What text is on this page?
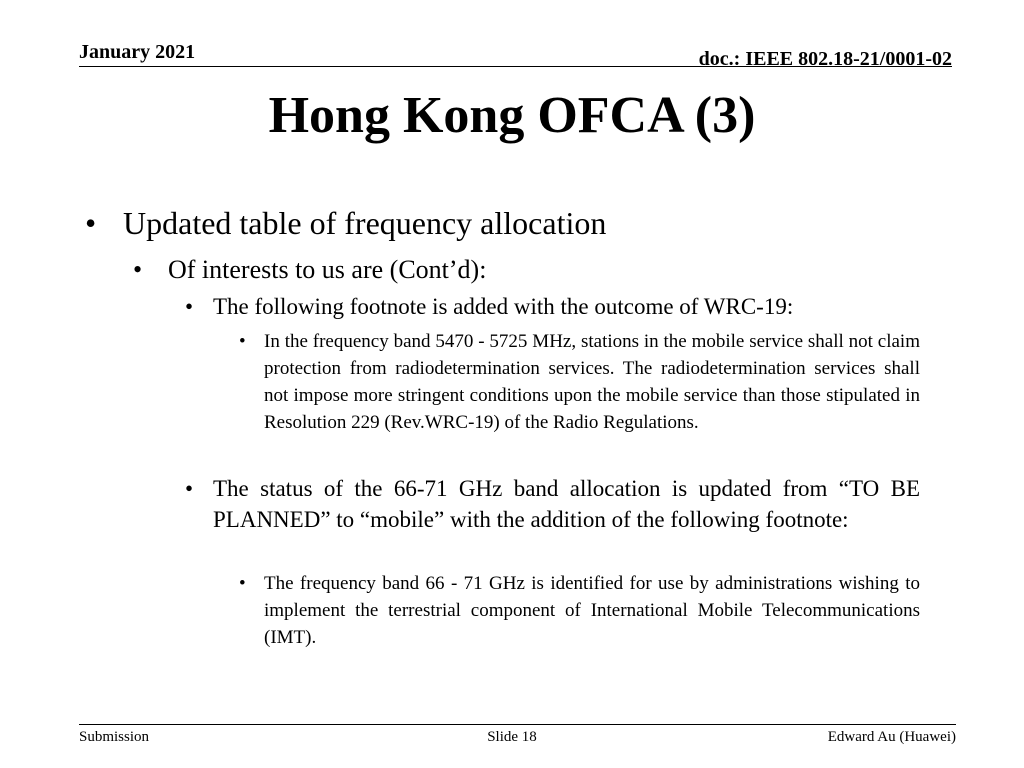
January 2021	doc.: IEEE 802.18-21/0001-02
Hong Kong OFCA (3)
• Updated table of frequency allocation
• Of interests to us are (Cont’d):
• The following footnote is added with the outcome of WRC-19:
• In the frequency band 5470 - 5725 MHz, stations in the mobile service shall not claim protection from radiodetermination services. The radiodetermination services shall not impose more stringent conditions upon the mobile service than those stipulated in Resolution 229 (Rev.WRC-19) of the Radio Regulations.
• The status of the 66-71 GHz band allocation is updated from “TO BE PLANNED” to “mobile” with the addition of the following footnote:
• The frequency band 66 - 71 GHz is identified for use by administrations wishing to implement the terrestrial component of International Mobile Telecommunications (IMT).
Submission	Slide 18	Edward Au (Huawei)
